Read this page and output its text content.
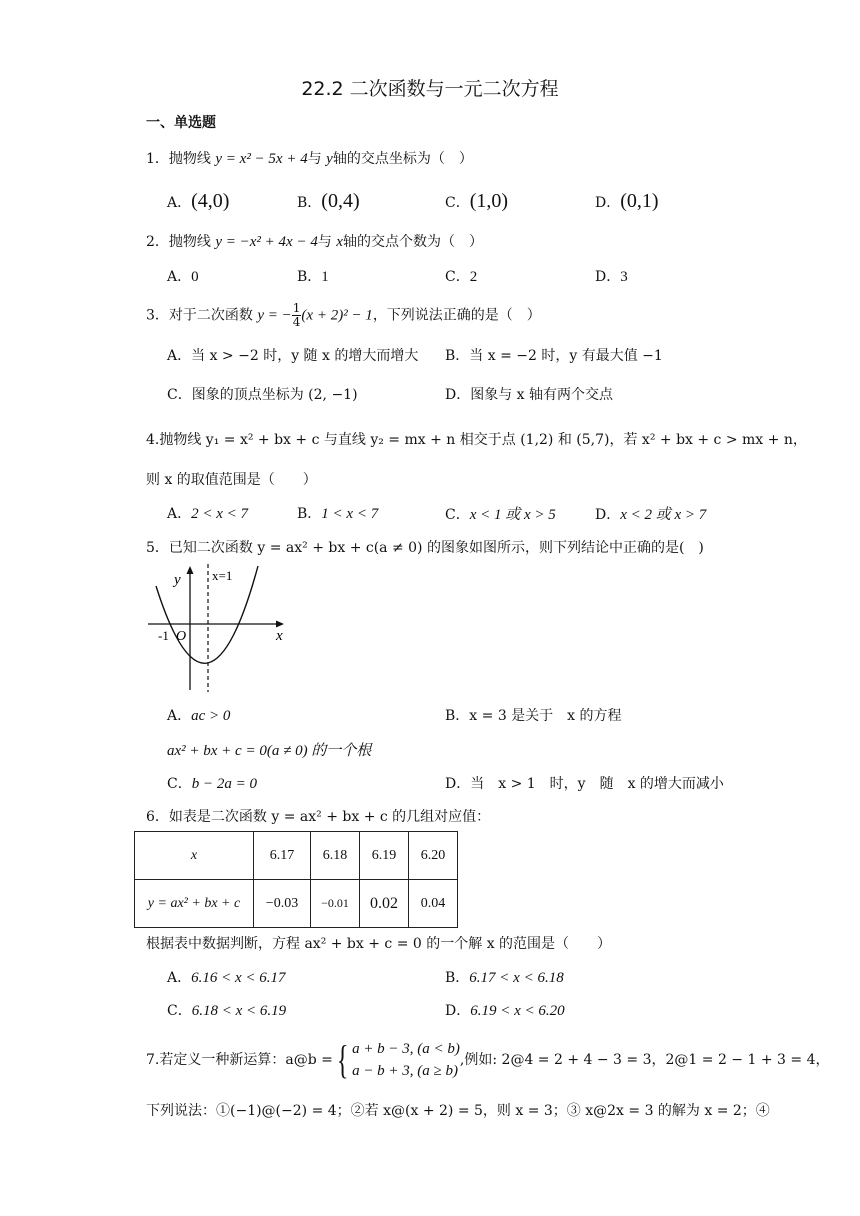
22.2 二次函数与一元二次方程
一、单选题
1．抛物线 y = x² − 5x + 4与 y轴的交点坐标为（　）
A．(4,0)	B．(0,4)	C．(1,0)	D．(0,1)
2．抛物线 y = −x² + 4x − 4与 x轴的交点个数为（　）
A．0	B．1	C．2	D．3
3．对于二次函数 y = − $\frac{1}{4} (x + 2)^2 - 1$，下列说法正确的是（　）
A．当 x > −2 时，y 随 x 的增大而增大 B．当 x = −2 时，y 有最大值 −1
C．图象的顶点坐标为 (2, −1)	D．图象与 x 轴有两个交点
4.抛物线 y₁ = x² + bx + c 与直线 y₂ = mx + n 相交于点 (1,2) 和 (5,7)，若 x² + bx + c > mx + n，
则 x 的取值范围是（　　）
A．2 < x < 7	B．1 < x < 7	C．x < 1 或 x > 5	D．x < 2 或 x > 7
5．已知二次函数 y = ax² + bx + c(a ≠ 0) 的图象如图所示，则下列结论中正确的是(　)
y
x
x=1
-1 O
A．ac > 0	B．x = 3 是关于　x 的方程
ax² + bx + c = 0(a ≠ 0) 的一个根
C．b − 2a = 0	D．当　x > 1　时，y　随　x 的增大而减小
6．如表是二次函数 y = ax² + bx + c 的几组对应值：
x	6.17	6.18	6.19	6.20
y = ax² + bx + c	−0.03	−0.01	0.02	0.04
根据表中数据判断，方程 ax² + bx + c = 0 的一个解 x 的范围是（　　）
A．6.16 < x < 6.17	B．6.17 < x < 6.18
C．6.18 < x < 6.19	D．6.19 < x < 6.20
7.若定义一种新运算：a@b ={ a + b − 3, (a < b)
a − b + 3, (a ≥ b)
,例如: 2@4 = 2 + 4 − 3 = 3，2@1 = 2 − 1 + 3 = 4，
下列说法：①(−1)@(−2) = 4；②若 x@(x + 2) = 5，则 x = 3；③ x@2x = 3 的解为 x = 2；④
